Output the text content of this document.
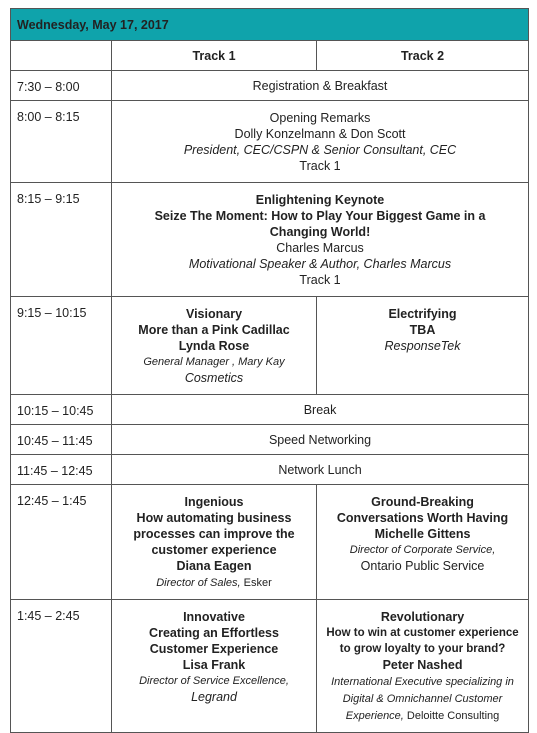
Wednesday, May 17, 2017		
	Track 1	Track 2
7:30 – 8:00	Registration & Breakfast	
8:00 – 8:15	Opening Remarks
Dolly Konzelmann & Don Scott
President, CEC/CSPN & Senior Consultant, CEC
Track 1	

8:15 – 9:15	Enlightening Keynote
Seize The Moment: How to Play Your Biggest Game in a Changing World!
Charles Marcus
Motivational Speaker & Author, Charles Marcus
Track 1	

9:15 – 10:15	Visionary
More than a Pink Cadillac
Lynda Rose
General Manager , Mary Kay
Cosmetics	Electrifying
TBA
ResponseTek

10:15 – 10:45	Break	
10:45 – 11:45	Speed Networking	
11:45 – 12:45	Network Lunch	
12:45 – 1:45	Ingenious
How automating business processes can improve the customer experience
Diana Eagen
Director of Sales, Esker	Ground-Breaking
Conversations Worth Having
Michelle Gittens
Director of Corporate Service,
Ontario Public Service

1:45 – 2:45	Innovative
Creating an Effortless Customer Experience
Lisa Frank
Director of Service Excellence,
Legrand	Revolutionary
How to win at customer experience to grow loyalty to your brand?
Peter Nashed
International Executive specializing in Digital & Omnichannel Customer Experience, Deloitte Consulting
